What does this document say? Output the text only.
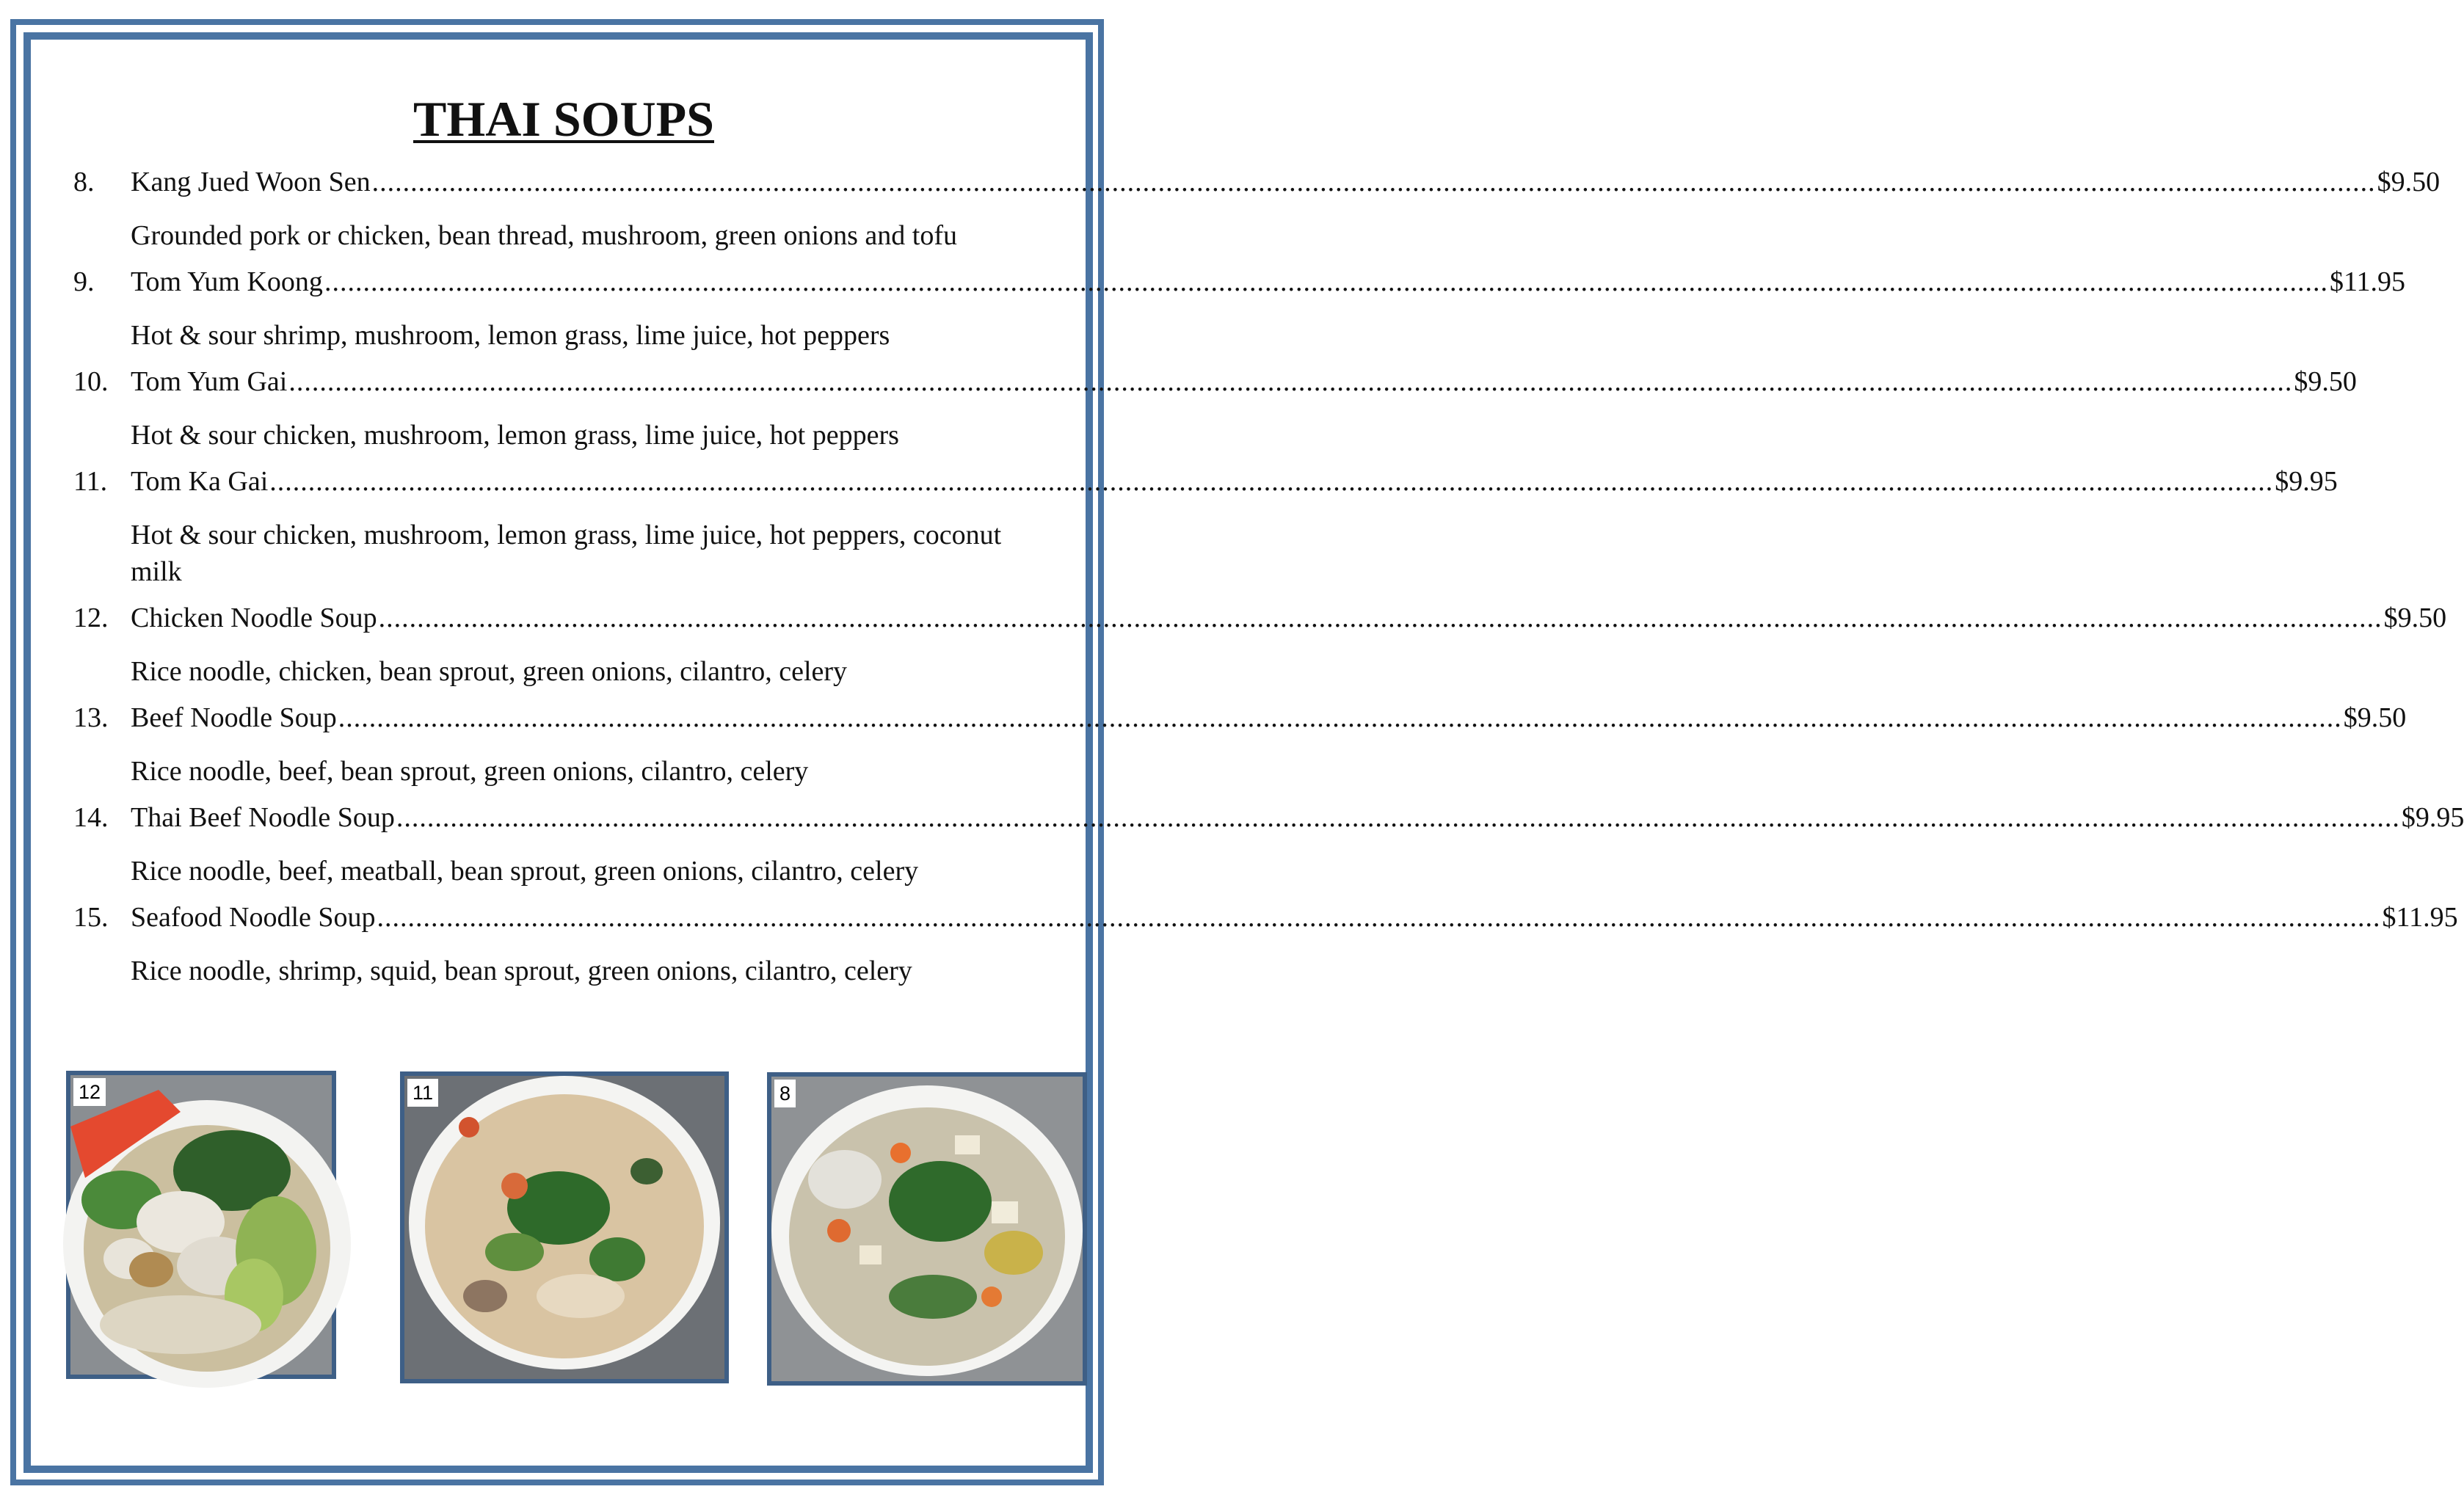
THAI SOUPS
8.	Kang Jued Woon Sen .................................................................................................................................................................................................................................................................... $9.50
Grounded pork or chicken, bean thread, mushroom, green onions and tofu
9.	Tom Yum Koong .................................................................................................................................................................................................................................................................... $11.95
Hot & sour shrimp, mushroom, lemon grass, lime juice, hot peppers
10. Tom Yum Gai .................................................................................................................................................................................................................................................................... $9.50
Hot & sour chicken, mushroom, lemon grass, lime juice, hot peppers
11. Tom Ka Gai .................................................................................................................................................................................................................................................................... $9.95
Hot & sour chicken, mushroom, lemon grass, lime juice, hot peppers, coconut milk
12. Chicken Noodle Soup .................................................................................................................................................................................................................................................................... $9.50
Rice noodle, chicken, bean sprout, green onions, cilantro, celery
13. Beef Noodle Soup .................................................................................................................................................................................................................................................................... $9.50
Rice noodle, beef, bean sprout, green onions, cilantro, celery
14. Thai Beef Noodle Soup .................................................................................................................................................................................................................................................................... $9.95
Rice noodle, beef, meatball, bean sprout, green onions, cilantro, celery
15. Seafood Noodle Soup .................................................................................................................................................................................................................................................................... $11.95
Rice noodle, shrimp, squid, bean sprout, green onions, cilantro, celery
12	11	8
